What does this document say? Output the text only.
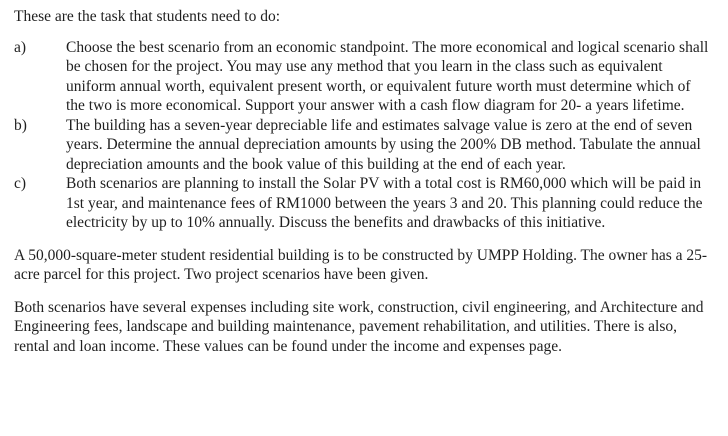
These are the task that students need to do:

a)	Choose the best scenario from an economic standpoint. The more economical and logical scenario shall be chosen for the project. You may use any method that you learn in the class such as equivalent uniform annual worth, equivalent present worth, or equivalent future worth must determine which of the two is more economical. Support your answer with a cash flow diagram for 20- a years lifetime.
b)	The building has a seven-year depreciable life and estimates salvage value is zero at the end of seven years. Determine the annual depreciation amounts by using the 200% DB method. Tabulate the annual depreciation amounts and the book value of this building at the end of each year.
c)	Both scenarios are planning to install the Solar PV with a total cost is RM60,000 which will be paid in 1st year, and maintenance fees of RM1000 between the years 3 and 20. This planning could reduce the electricity by up to 10% annually. Discuss the benefits and drawbacks of this initiative.

A 50,000-square-meter student residential building is to be constructed by UMPP Holding. The owner has a 25-acre parcel for this project. Two project scenarios have been given.

Both scenarios have several expenses including site work, construction, civil engineering, and Architecture and Engineering fees, landscape and building maintenance, pavement rehabilitation, and utilities. There is also, rental and loan income. These values can be found under the income and expenses page.
